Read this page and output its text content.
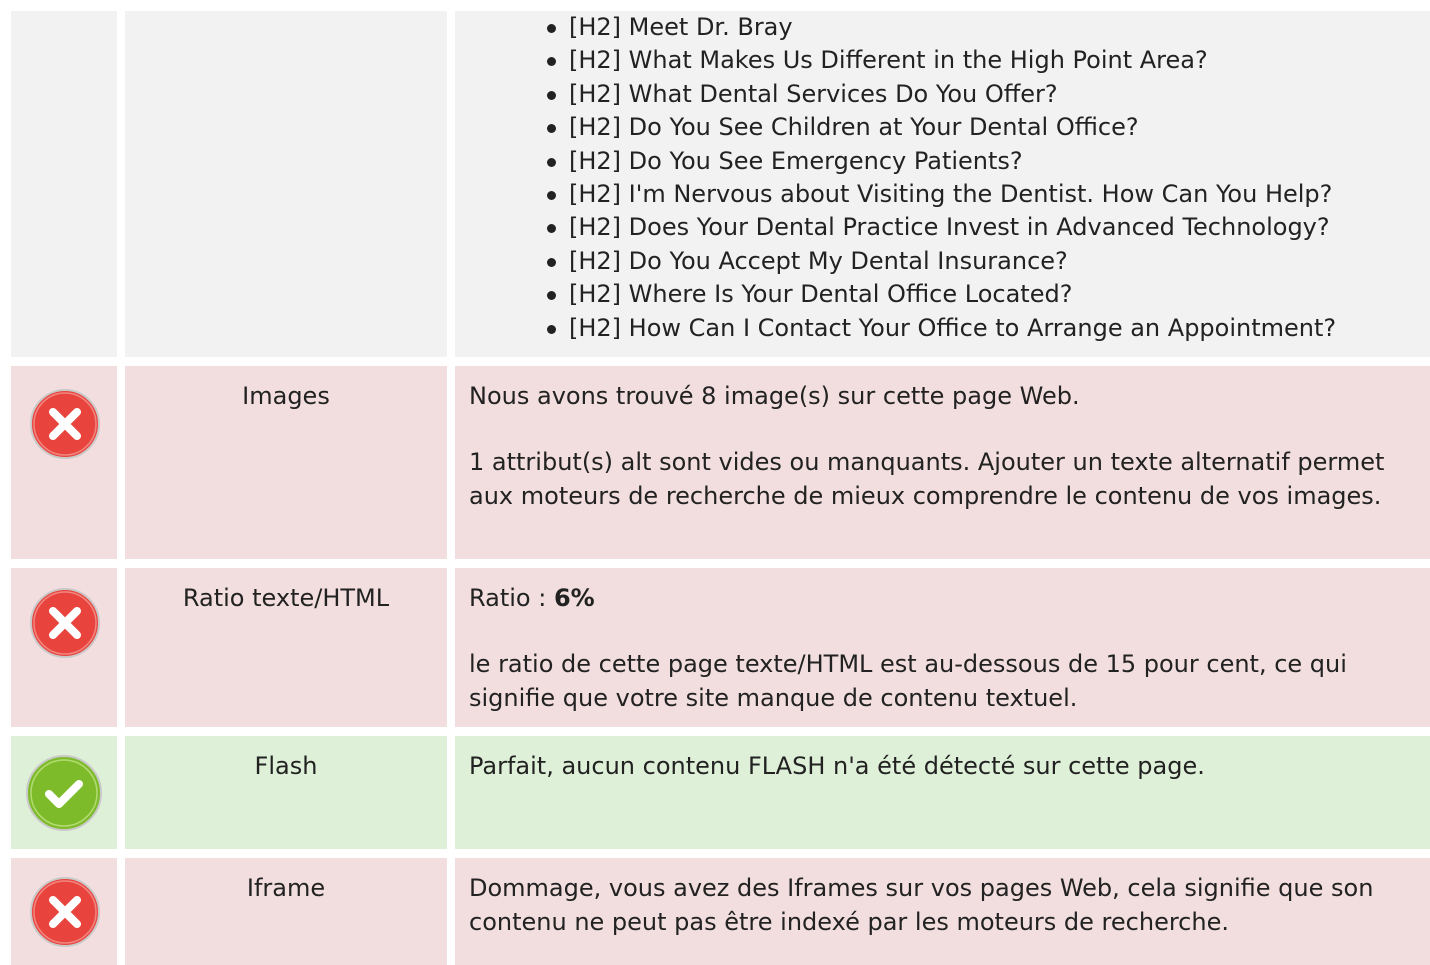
[H2] Meet Dr. Bray
[H2] What Makes Us Different in the High Point Area?
[H2] What Dental Services Do You Offer?
[H2] Do You See Children at Your Dental Office?
[H2] Do You See Emergency Patients?
[H2] I'm Nervous about Visiting the Dentist. How Can You Help?
[H2] Does Your Dental Practice Invest in Advanced Technology?
[H2] Do You Accept My Dental Insurance?
[H2] Where Is Your Dental Office Located?
[H2] How Can I Contact Your Office to Arrange an Appointment?
Images	Nous avons trouvé 8 image(s) sur cette page Web.

1 attribut(s) alt sont vides ou manquants. Ajouter un texte alternatif permet aux moteurs de recherche de mieux comprendre le contenu de vos images.

Ratio texte/HTML	Ratio : 6%

le ratio de cette page texte/HTML est au-dessous de 15 pour cent, ce qui signifie que votre site manque de contenu textuel.

Flash	Parfait, aucun contenu FLASH n'a été détecté sur cette page.

Iframe	Dommage, vous avez des Iframes sur vos pages Web, cela signifie que son contenu ne peut pas être indexé par les moteurs de recherche.
